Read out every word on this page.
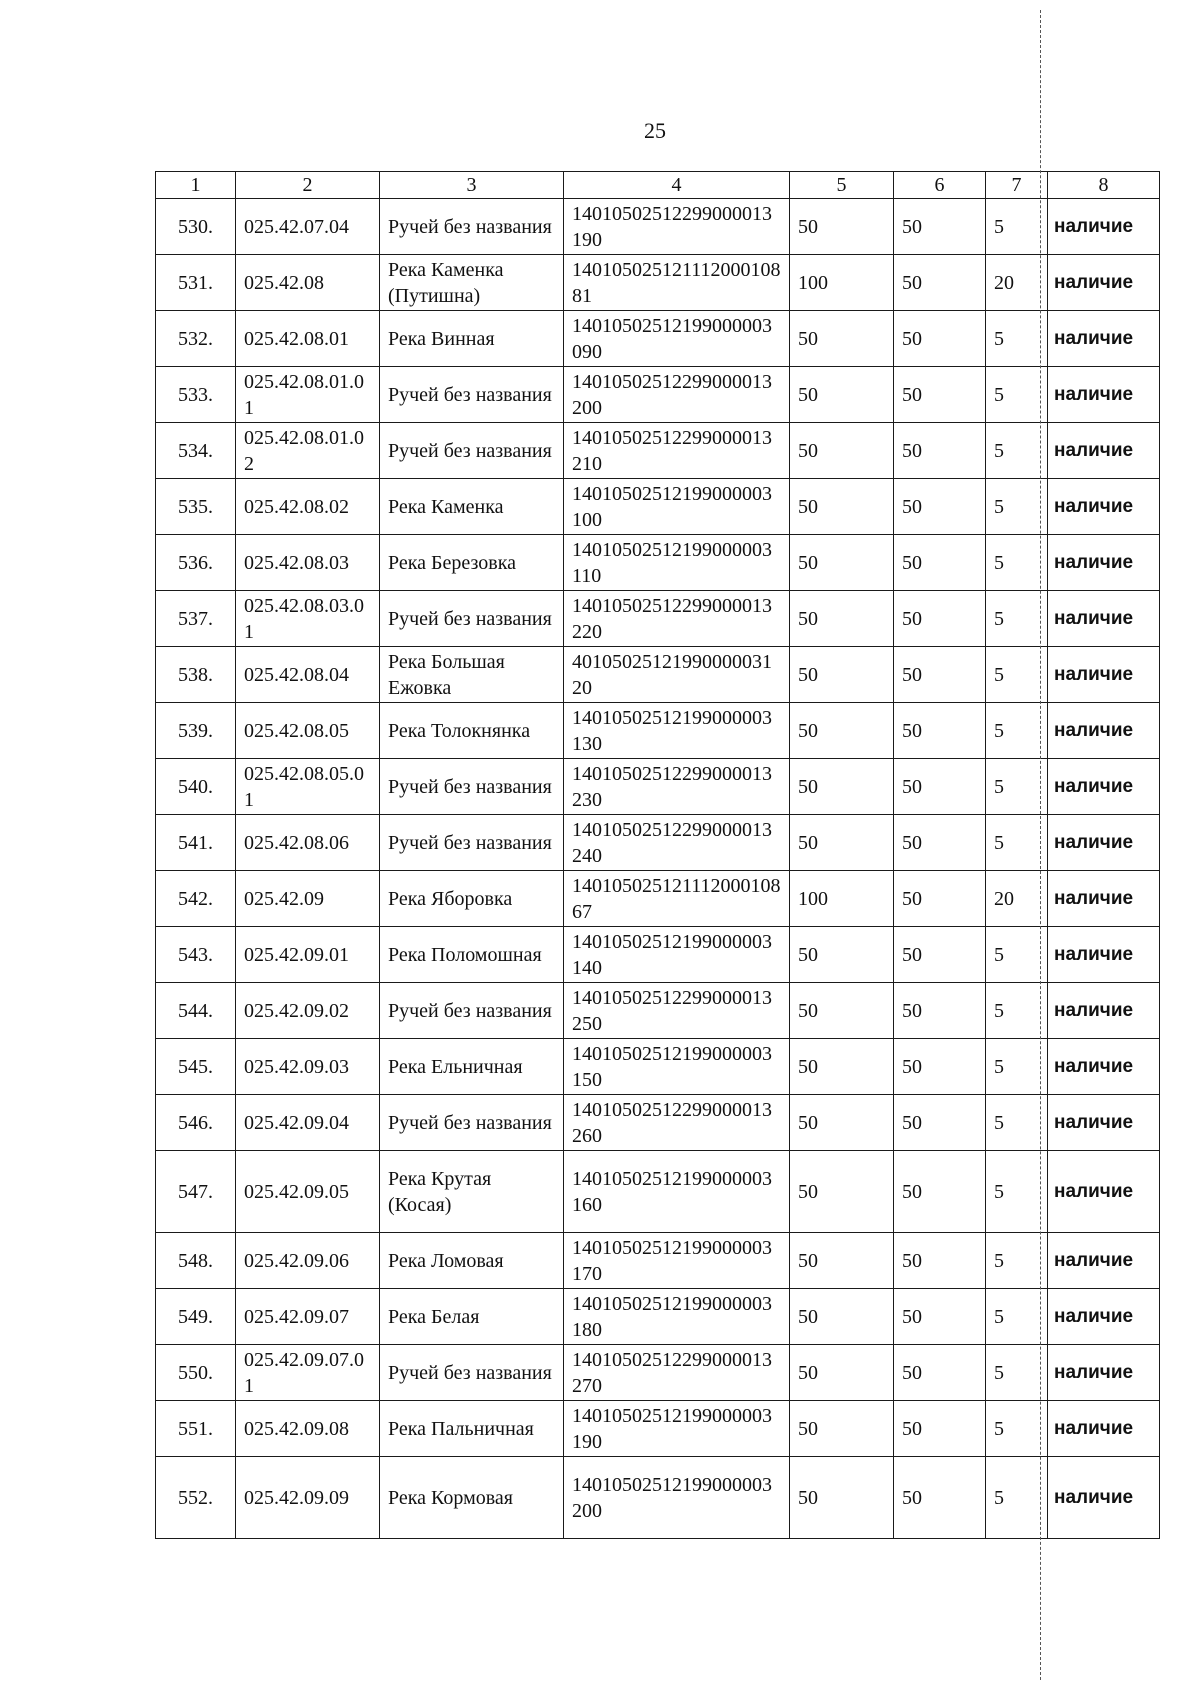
25
1	2	3	4	5	6	7	8
530.	025.42.07.04	Ручей без названия	14010502512299000013190	50	50	5	наличие
531.	025.42.08	Река Каменка (Путишна)	14010502512111200010881	100	50	20	наличие
532.	025.42.08.01	Река Винная	14010502512199000003090	50	50	5	наличие
533.	025.42.08.01.01	Ручей без названия	14010502512299000013200	50	50	5	наличие
534.	025.42.08.01.02	Ручей без названия	14010502512299000013210	50	50	5	наличие
535.	025.42.08.02	Река Каменка	14010502512199000003100	50	50	5	наличие
536.	025.42.08.03	Река Березовка	14010502512199000003110	50	50	5	наличие
537.	025.42.08.03.01	Ручей без названия	14010502512299000013220	50	50	5	наличие
538.	025.42.08.04	Река Большая Ежовка	4010502512199000003120	50	50	5	наличие
539.	025.42.08.05	Река Толокнянка	14010502512199000003130	50	50	5	наличие
540.	025.42.08.05.01	Ручей без названия	14010502512299000013230	50	50	5	наличие
541.	025.42.08.06	Ручей без названия	14010502512299000013240	50	50	5	наличие
542.	025.42.09	Река Яборовка	14010502512111200010867	100	50	20	наличие
543.	025.42.09.01	Река Поломошная	14010502512199000003140	50	50	5	наличие
544.	025.42.09.02	Ручей без названия	14010502512299000013250	50	50	5	наличие
545.	025.42.09.03	Река Ельничная	14010502512199000003150	50	50	5	наличие
546.	025.42.09.04	Ручей без названия	14010502512299000013260	50	50	5	наличие
547.	025.42.09.05	Река Крутая (Косая)	14010502512199000003160	50	50	5	наличие
548.	025.42.09.06	Река Ломовая	14010502512199000003170	50	50	5	наличие
549.	025.42.09.07	Река Белая	14010502512199000003180	50	50	5	наличие
550.	025.42.09.07.01	Ручей без названия	14010502512299000013270	50	50	5	наличие
551.	025.42.09.08	Река Пальничная	14010502512199000003190	50	50	5	наличие
552.	025.42.09.09	Река Кормовая	14010502512199000003200	50	50	5	наличие
